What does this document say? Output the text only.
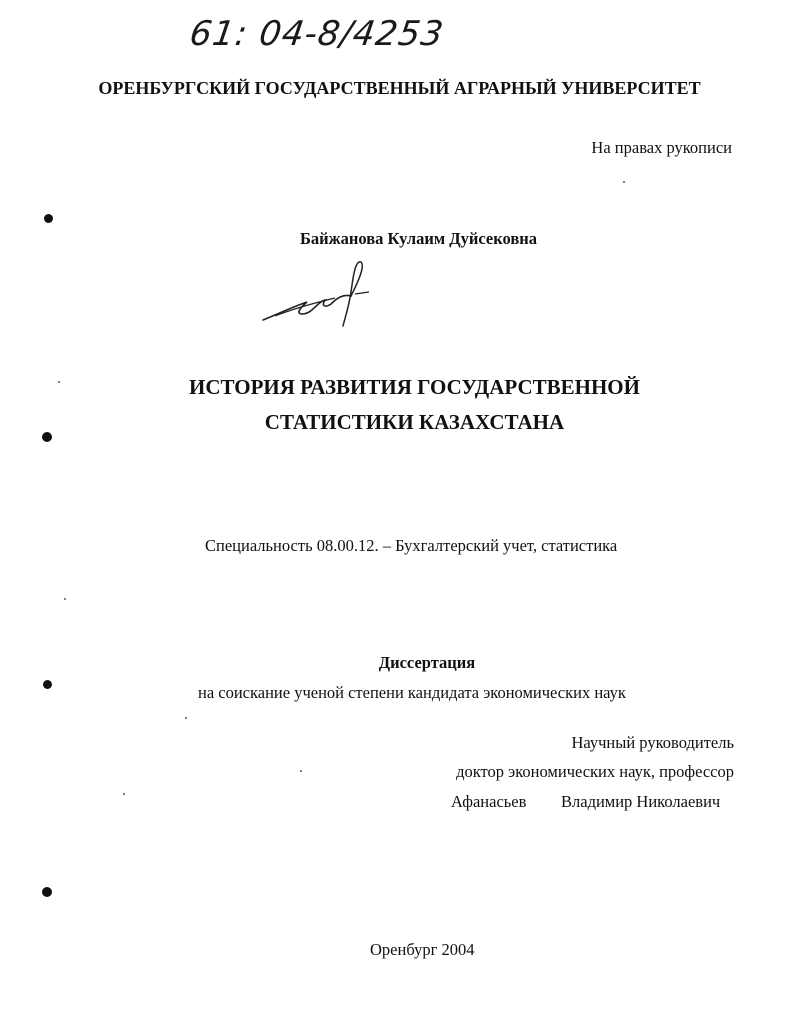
61: 04-8/4253
ОРЕНБУРГСКИЙ ГОСУДАРСТВЕННЫЙ АГРАРНЫЙ УНИВЕРСИТЕТ
На правах рукописи
Байжанова Кулаим Дуйсековна
ИСТОРИЯ РАЗВИТИЯ ГОСУДАРСТВЕННОЙ
СТАТИСТИКИ КАЗАХСТАНА
Специальность 08.00.12. – Бухгалтерский учет, статистика
Диссертация
на соискание ученой степени кандидата экономических наук
Научный руководитель
доктор экономических наук, профессор
Афанасьев Владимир Николаевич
Оренбург 2004
